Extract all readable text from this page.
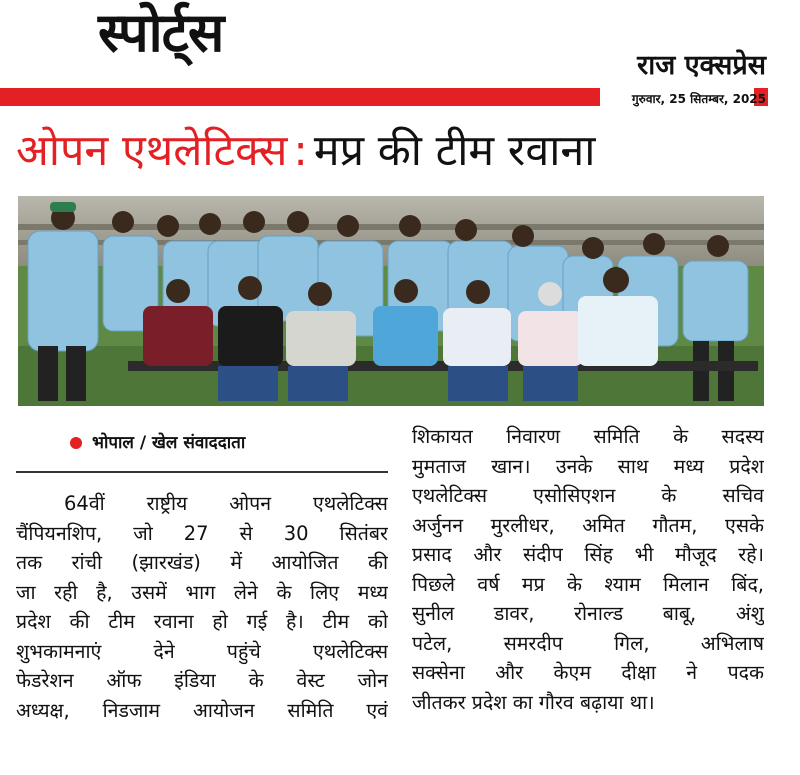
स्पोर्ट्स
राज एक्सप्रेस
गुरुवार, 25 सितम्बर, 2025
ओपन एथलेटिक्स : मप्र की टीम रवाना
भोपाल / खेल संवाददाता
64वीं राष्ट्रीय ओपन एथलेटिक्स
चैंपियनशिप, जो 27 से 30 सितंबर
तक रांची (झारखंड) में आयोजित की
जा रही है, उसमें भाग लेने के लिए मध्य
प्रदेश की टीम रवाना हो गई है। टीम को
शुभकामनाएं देने पहुंचे एथलेटिक्स
फेडरेशन ऑफ इंडिया के वेस्ट जोन
अध्यक्ष, निडजाम आयोजन समिति एवं
शिकायत निवारण समिति के सदस्य
मुमताज खान। उनके साथ मध्य प्रदेश
एथलेटिक्स एसोसिएशन के सचिव
अर्जुनन मुरलीधर, अमित गौतम, एसके
प्रसाद और संदीप सिंह भी मौजूद रहे।
पिछले वर्ष मप्र के श्याम मिलान बिंद,
सुनील डावर, रोनाल्ड बाबू, अंशु
पटेल, समरदीप गिल, अभिलाष
सक्सेना और केएम दीक्षा ने पदक
जीतकर प्रदेश का गौरव बढ़ाया था।
